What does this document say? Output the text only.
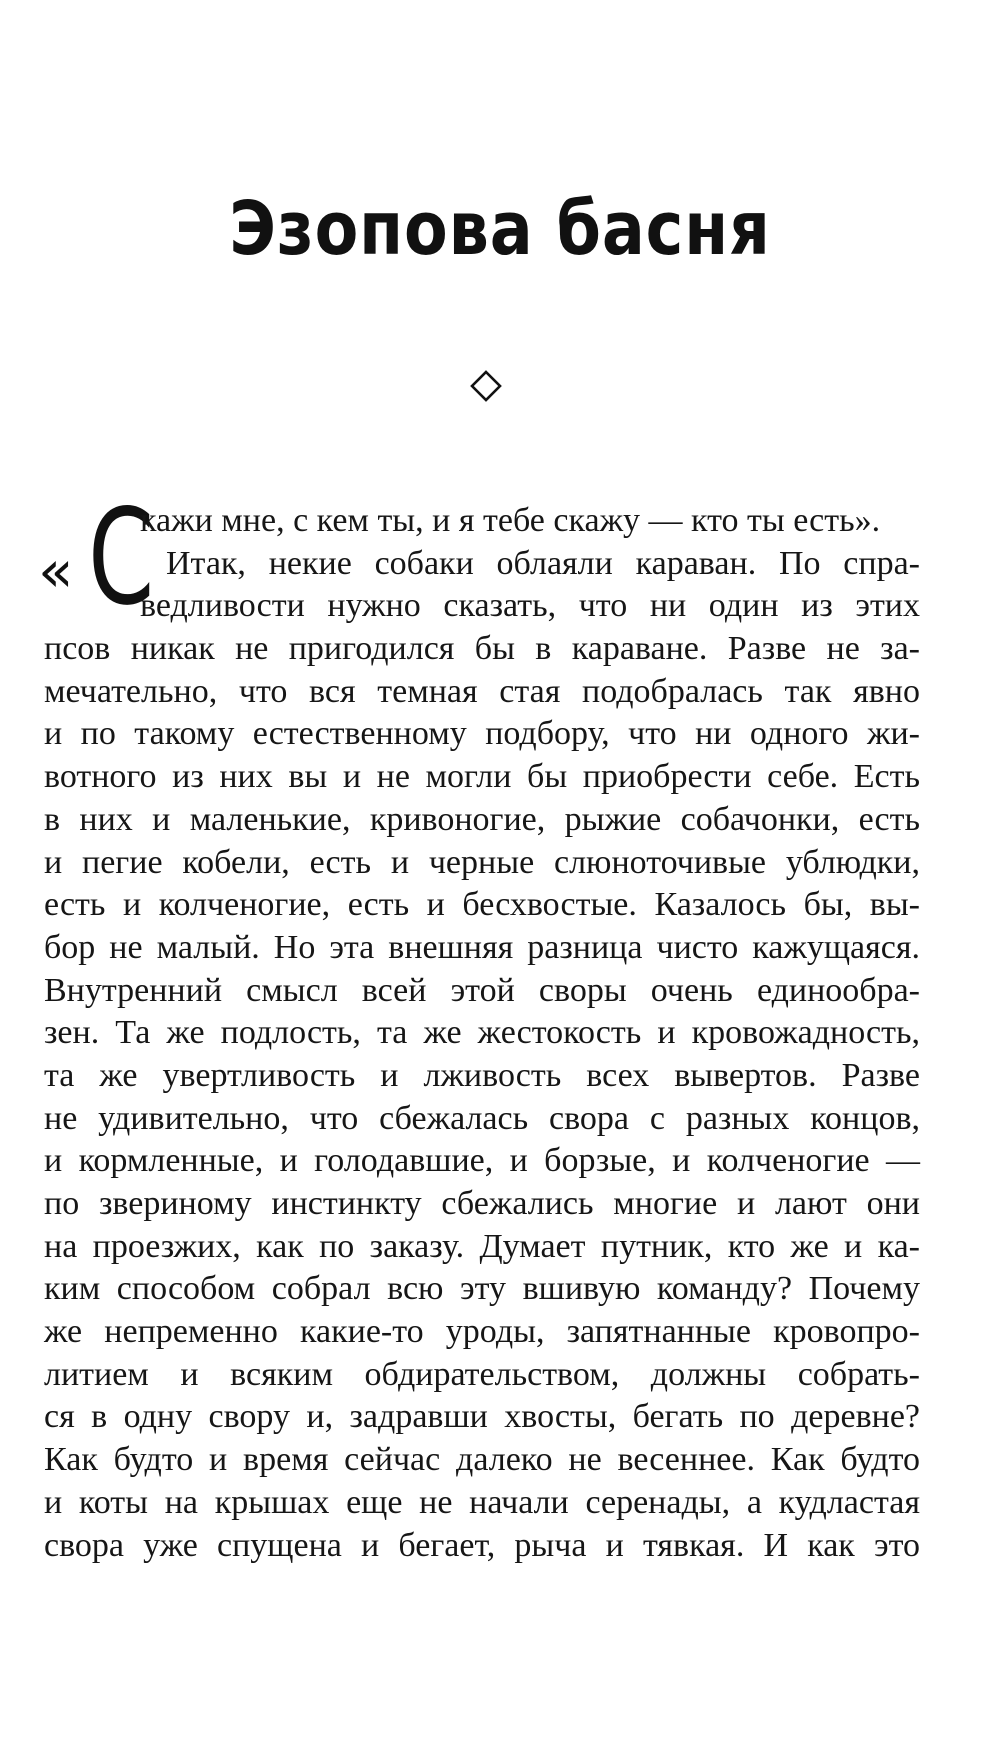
Эзопова басня
« С
кажи мне, с кем ты, и я тебе скажу — кто ты есть».
Итак, некие собаки облаяли караван. По спра-
ведливости нужно сказать, что ни один из этих
псов никак не пригодился бы в караване. Разве не за-
мечательно, что вся темная стая подобралась так явно
и по такому естественному подбору, что ни одного жи-
вотного из них вы и не могли бы приобрести себе. Есть
в них и маленькие, кривоногие, рыжие собачонки, есть
и пегие кобели, есть и черные слюноточивые ублюдки,
есть и колченогие, есть и бесхвостые. Казалось бы, вы-
бор не малый. Но эта внешняя разница чисто кажущаяся.
Внутренний смысл всей этой своры очень единообра-
зен. Та же подлость, та же жестокость и кровожадность,
та же увертливость и лживость всех вывертов. Разве
не удивительно, что сбежалась свора с разных концов,
и кормленные, и голодавшие, и борзые, и колченогие —
по звериному инстинкту сбежались многие и лают они
на проезжих, как по заказу. Думает путник, кто же и ка-
ким способом собрал всю эту вшивую команду? Почему
же непременно какие-то уроды, запятнанные кровопро-
литием и всяким обдирательством, должны собрать-
ся в одну свору и, задравши хвосты, бегать по деревне?
Как будто и время сейчас далеко не весеннее. Как будто
и коты на крышах еще не начали серенады, а кудластая
свора уже спущена и бегает, рыча и тявкая. И как это
